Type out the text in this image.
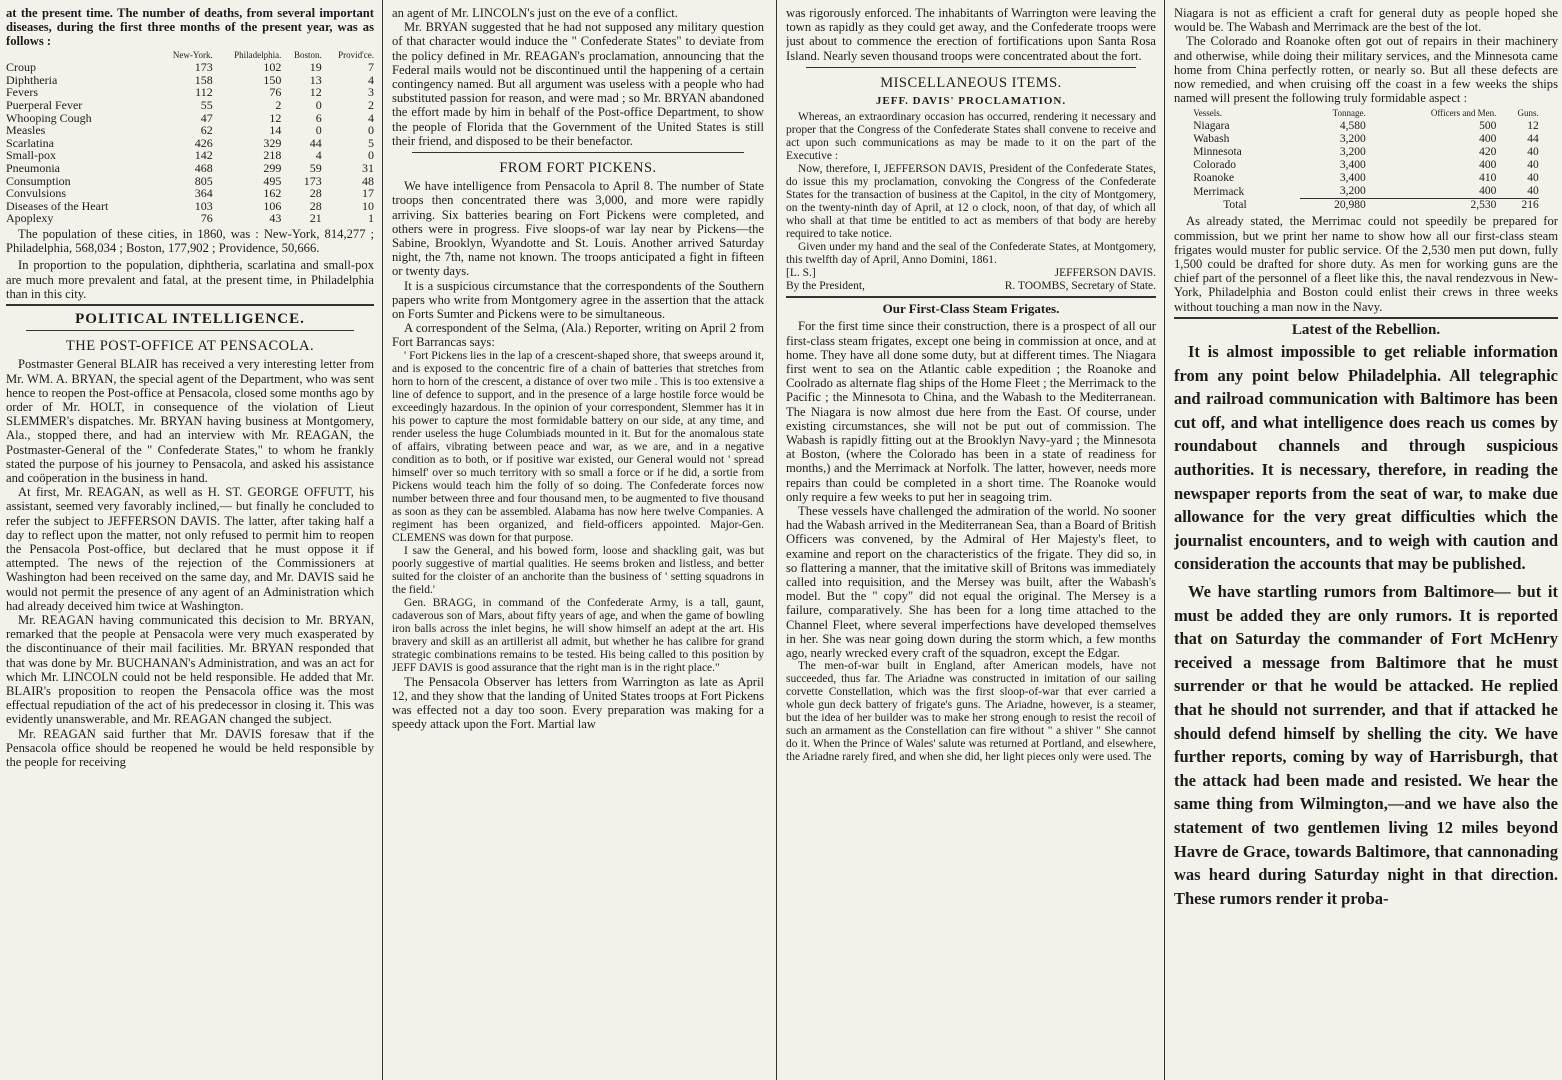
at the present time. The number of deaths, from several important diseases, during the first three months of the present year, was as follows :

	New-York.	Philadelphia.	Boston.	Provid'ce.
Croup	173	102	19	7
Diphtheria	158	150	13	4
Fevers	112	76	12	3
Puerperal Fever	55	2	0	2
Whooping Cough	47	12	6	4
Measles	62	14	0	0
Scarlatina	426	329	44	5
Small-pox	142	218	4	0
Pneumonia	468	299	59	31
Consumption	805	495	173	48
Convulsions	364	162	28	17
Diseases of the Heart	103	106	28	10
Apoplexy	76	43	21	1

The population of these cities, in 1860, was : New-York, 814,277 ; Philadelphia, 568,034 ; Boston, 177,902 ; Providence, 50,666.

In proportion to the population, diphtheria, scarlatina and small-pox are much more prevalent and fatal, at the present time, in Philadelphia than in this city.

POLITICAL INTELLIGENCE.
THE POST-OFFICE AT PENSACOLA.

Postmaster General BLAIR has received a very interesting letter from Mr. WM. A. BRYAN, the special agent of the Department, who was sent hence to reopen the Post-office at Pensacola, closed some months ago by order of Mr. HOLT, in consequence of the violation of Lieut SLEMMER's dispatches. Mr. BRYAN having business at Montgomery, Ala., stopped there, and had an interview with Mr. REAGAN, the Postmaster-General of the " Confederate States," to whom he frankly stated the purpose of his journey to Pensacola, and asked his assistance and coöperation in the business in hand.

At first, Mr. REAGAN, as well as H. ST. GEORGE OFFUTT, his assistant, seemed very favorably inclined,— but finally he concluded to refer the subject to JEFFERSON DAVIS. The latter, after taking half a day to reflect upon the matter, not only refused to permit him to reopen the Pensacola Post-office, but declared that he must oppose it if attempted. The news of the rejection of the Commissioners at Washington had been received on the same day, and Mr. DAVIS said he would not permit the presence of any agent of an Administration which had already deceived him twice at Washington.

Mr. REAGAN having communicated this decision to Mr. BRYAN, remarked that the people at Pensacola were very much exasperated by the discontinuance of their mail facilities. Mr. BRYAN responded that that was done by Mr. BUCHANAN's Administration, and was an act for which Mr. LINCOLN could not be held responsible. He added that Mr. BLAIR's proposition to reopen the Pensacola office was the most effectual repudiation of the act of his predecessor in closing it. This was evidently unanswerable, and Mr. REAGAN changed the subject.

Mr. REAGAN said further that Mr. DAVIS foresaw that if the Pensacola office should be reopened he would be held responsible by the people for receiving

an agent of Mr. LINCOLN's just on the eve of a conflict.

Mr. BRYAN suggested that he had not supposed any military question of that character would induce the " Confederate States" to deviate from the policy defined in Mr. REAGAN's proclamation, announcing that the Federal mails would not be discontinued until the happening of a certain contingency named. But all argument was useless with a people who had substituted passion for reason, and were mad ; so Mr. BRYAN abandoned the effort made by him in behalf of the Post-office Department, to show the people of Florida that the Government of the United States is still their friend, and disposed to be their benefactor.

FROM FORT PICKENS.

We have intelligence from Pensacola to April 8. The number of State troops then concentrated there was 3,000, and more were rapidly arriving. Six batteries bearing on Fort Pickens were completed, and others were in progress. Five sloops-of war lay near by Pickens—the Sabine, Brooklyn, Wyandotte and St. Louis. Another arrived Saturday night, the 7th, name not known. The troops anticipated a fight in fifteen or twenty days.

It is a suspicious circumstance that the correspondents of the Southern papers who write from Montgomery agree in the assertion that the attack on Forts Sumter and Pickens were to be simultaneous.

A correspondent of the Selma, (Ala.) Reporter, writing on April 2 from Fort Barrancas says:

' Fort Pickens lies in the lap of a crescent-shaped shore, that sweeps around it, and is exposed to the concentric fire of a chain of batteries that stretches from horn to horn of the crescent, a distance of over two mile . This is too extensive a line of defence to support, and in the presence of a large hostile force would be exceedingly hazardous. In the opinion of your correspondent, Slemmer has it in his power to capture the most formidable battery on our side, at any time, and render useless the huge Columbiads mounted in it. But for the anomalous state of affairs, vibrating between peace and war, as we are, and in a negative condition as to both, or if positive war existed, our General would not ' spread himself' over so much territory with so small a force or if he did, a sortie from Pickens would teach him the folly of so doing. The Confederate forces now number between three and four thousand men, to be augmented to five thousand as soon as they can be assembled. Alabama has now here twelve Companies. A regiment has been organized, and field-officers appointed. Major-Gen. CLEMENS was down for that purpose.

I saw the General, and his bowed form, loose and shackling gait, was but poorly suggestive of martial qualities. He seems broken and listless, and better suited for the cloister of an anchorite than the business of ' setting squadrons in the field.'

Gen. BRAGG, in command of the Confederate Army, is a tall, gaunt, cadaverous son of Mars, about fifty years of age, and when the game of bowling iron balls across the inlet begins, he will show himself an adept at the art. His bravery and skill as an artillerist all admit, but whether he has calibre for grand strategic combinations remains to be tested. His being called to this position by JEFF DAVIS is good assurance that the right man is in the right place."

The Pensacola Observer has letters from Warrington as late as April 12, and they show that the landing of United States troops at Fort Pickens was effected not a day too soon. Every preparation was making for a speedy attack upon the Fort. Martial law

was rigorously enforced. The inhabitants of Warrington were leaving the town as rapidly as they could get away, and the Confederate troops were just about to commence the erection of fortifications upon Santa Rosa Island. Nearly seven thousand troops were concentrated about the fort.

MISCELLANEOUS ITEMS.
JEFF. DAVIS' PROCLAMATION.

Whereas, an extraordinary occasion has occurred, rendering it necessary and proper that the Congress of the Confederate States shall convene to receive and act upon such communications as may be made to it on the part of the Executive :

Now, therefore, I, JEFFERSON DAVIS, President of the Confederate States, do issue this my proclamation, convoking the Congress of the Confederate States for the transaction of business at the Capitol, in the city of Montgomery, on the twenty-ninth day of April, at 12 o clock, noon, of that day, of which all who shall at that time be entitled to act as members of that body are hereby required to take notice.

Given under my hand and the seal of the Confederate States, at Montgomery, this twelfth day of April, Anno Domini, 1861.

[L. S.]	JEFFERSON DAVIS.
By the President,	R. TOOMBS, Secretary of State.
Our First-Class Steam Frigates.

For the first time since their construction, there is a prospect of all our first-class steam frigates, except one being in commission at once, and at home. They have all done some duty, but at different times. The Niagara first went to sea on the Atlantic cable expedition ; the Roanoke and Coolrado as alternate flag ships of the Home Fleet ; the Merrimack to the Pacific ; the Minnesota to China, and the Wabash to the Mediterranean. The Niagara is now almost due here from the East. Of course, under existing circumstances, she will not be put out of commission. The Wabash is rapidly fitting out at the Brooklyn Navy-yard ; the Minnesota at Boston, (where the Colorado has been in a state of readiness for months,) and the Merrimack at Norfolk. The latter, however, needs more repairs than could be completed in a short time. The Roanoke would only require a few weeks to put her in seagoing trim.

These vessels have challenged the admiration of the world. No sooner had the Wabash arrived in the Mediterranean Sea, than a Board of British Officers was convened, by the Admiral of Her Majesty's fleet, to examine and report on the characteristics of the frigate. They did so, in so flattering a manner, that the imitative skill of Britons was immediately called into requisition, and the Mersey was built, after the Wabash's model. But the " copy" did not equal the original. The Mersey is a failure, comparatively. She has been for a long time attached to the Channel Fleet, where several imperfections have developed themselves in her. She was near going down during the storm which, a few months ago, nearly wrecked every craft of the squadron, except the Edgar.

The men-of-war built in England, after American models, have not succeeded, thus far. The Ariadne was constructed in imitation of our sailing corvette Constellation, which was the first sloop-of-war that ever carried a whole gun deck battery of frigate's guns. The Ariadne, however, is a steamer, but the idea of her builder was to make her strong enough to resist the recoil of such an armament as the Constellation can fire without " a shiver " She cannot do it. When the Prince of Wales' salute was returned at Portland, and elsewhere, the Ariadne rarely fired, and when she did, her light pieces only were used. The

Niagara is not as efficient a craft for general duty as people hoped she would be. The Wabash and Merrimack are the best of the lot.

The Colorado and Roanoke often got out of repairs in their machinery and otherwise, while doing their military services, and the Minnesota came home from China perfectly rotten, or nearly so. But all these defects are now remedied, and when cruising off the coast in a few weeks the ships named will present the following truly formidable aspect :

Vessels.	Tonnage.	Officers and Men.	Guns.
Niagara	4,580	500	12
Wabash	3,200	400	44
Minnesota	3,200	420	40
Colorado	3,400	400	40
Roanoke	3,400	410	40
Merrimack	3,200	400	40
Total	20,980	2,530	216

As already stated, the Merrimac could not speedily be prepared for commission, but we print her name to show how all our first-class steam frigates would muster for public service. Of the 2,530 men put down, fully 1,500 could be drafted for shore duty. As men for working guns are the chief part of the personnel of a fleet like this, the naval rendezvous in New-York, Philadelphia and Boston could enlist their crews in three weeks without touching a man now in the Navy.

Latest of the Rebellion.

It is almost impossible to get reliable information from any point below Philadelphia. All telegraphic and railroad communication with Baltimore has been cut off, and what intelligence does reach us comes by roundabout channels and through suspicious authorities. It is necessary, therefore, in reading the newspaper reports from the seat of war, to make due allowance for the very great difficulties which the journalist encounters, and to weigh with caution and consideration the accounts that may be published.

We have startling rumors from Baltimore— but it must be added they are only rumors. It is reported that on Saturday the commander of Fort McHenry received a message from Baltimore that he must surrender or that he would be attacked. He replied that he should not surrender, and that if attacked he should defend himself by shelling the city. We have further reports, coming by way of Harrisburgh, that the attack had been made and resisted. We hear the same thing from Wilmington,—and we have also the statement of two gentlemen living 12 miles beyond Havre de Grace, towards Baltimore, that cannonading was heard during Saturday night in that direction. These rumors render it proba-
